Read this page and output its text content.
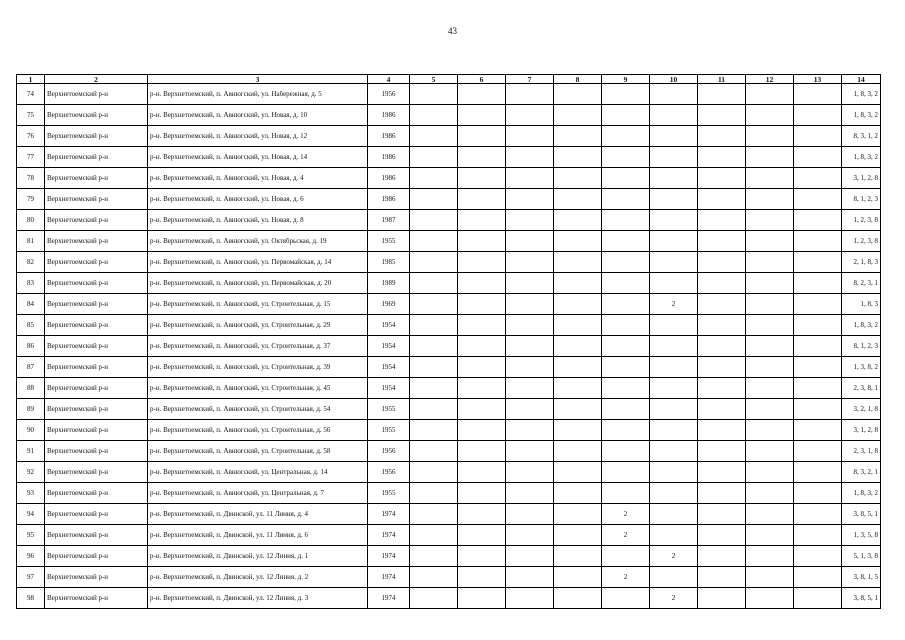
43
1	2	3	4	5	6	7	8	9	10	11	12	13	14
74	Верхнетоемский р-н	р-н. Верхнетоемский, п. Авнюгский, ул. Набережная, д. 5	1956										1, 8, 3, 2
75	Верхнетоемский р-н	р-н. Верхнетоемский, п. Авнюгский, ул. Новая, д. 10	1986										1, 8, 3, 2
76	Верхнетоемский р-н	р-н. Верхнетоемский, п. Авнюгский, ул. Новая, д. 12	1986										8, 3, 1, 2
77	Верхнетоемский р-н	р-н. Верхнетоемский, п. Авнюгский, ул. Новая, д. 14	1986										1, 8, 3, 2
78	Верхнетоемский р-н	р-н. Верхнетоемский, п. Авнюгский, ул. Новая, д. 4	1986										3, 1, 2, 8
79	Верхнетоемский р-н	р-н. Верхнетоемский, п. Авнюгский, ул. Новая, д. 6	1986										8, 1, 2, 3
80	Верхнетоемский р-н	р-н. Верхнетоемский, п. Авнюгский, ул. Новая, д. 8	1987										1, 2, 3, 8
81	Верхнетоемский р-н	р-н. Верхнетоемский, п. Авнюгский, ул. Октябрьская, д. 19	1955										1, 2, 3, 8
82	Верхнетоемский р-н	р-н. Верхнетоемский, п. Авнюгский, ул. Первомайская, д. 14	1985										2, 1, 8, 3
83	Верхнетоемский р-н	р-н. Верхнетоемский, п. Авнюгский, ул. Первомайская, д. 20	1989										8, 2, 3, 1
84	Верхнетоемский р-н	р-н. Верхнетоемский, п. Авнюгский, ул. Строительная, д. 15	1969						2				1, 8, 3
85	Верхнетоемский р-н	р-н. Верхнетоемский, п. Авнюгский, ул. Строительная, д. 29	1954										1, 8, 3, 2
86	Верхнетоемский р-н	р-н. Верхнетоемский, п. Авнюгский, ул. Строительная, д. 37	1954										8, 1, 2, 3
87	Верхнетоемский р-н	р-н. Верхнетоемский, п. Авнюгский, ул. Строительная, д. 39	1954										1, 3, 8, 2
88	Верхнетоемский р-н	р-н. Верхнетоемский, п. Авнюгский, ул. Строительная, д. 45	1954										2, 3, 8, 1
89	Верхнетоемский р-н	р-н. Верхнетоемский, п. Авнюгский, ул. Строительная, д. 54	1955										3, 2, 1, 8
90	Верхнетоемский р-н	р-н. Верхнетоемский, п. Авнюгский, ул. Строительная, д. 56	1955										3, 1, 2, 8
91	Верхнетоемский р-н	р-н. Верхнетоемский, п. Авнюгский, ул. Строительная, д. 58	1956										2, 3, 1, 8
92	Верхнетоемский р-н	р-н. Верхнетоемский, п. Авнюгский, ул. Центральная, д. 14	1956										8, 3, 2, 1
93	Верхнетоемский р-н	р-н. Верхнетоемский, п. Авнюгский, ул. Центральная, д. 7	1955										1, 8, 3, 2
94	Верхнетоемский р-н	р-н. Верхнетоемский, п. Двинской, ул. 11 Линия, д. 4	1974					2					3, 8, 5, 1
95	Верхнетоемский р-н	р-н. Верхнетоемский, п. Двинской, ул. 11 Линия, д. 6	1974					2					1, 3, 5, 8
96	Верхнетоемский р-н	р-н. Верхнетоемский, п. Двинской, ул. 12 Линия, д. 1	1974						2				5, 1, 3, 8
97	Верхнетоемский р-н	р-н. Верхнетоемский, п. Двинской, ул. 12 Линия, д. 2	1974					2					3, 8, 1, 5
98	Верхнетоемский р-н	р-н. Верхнетоемский, п. Двинской, ул. 12 Линия, д. 3	1974						2				3, 8, 5, 1
